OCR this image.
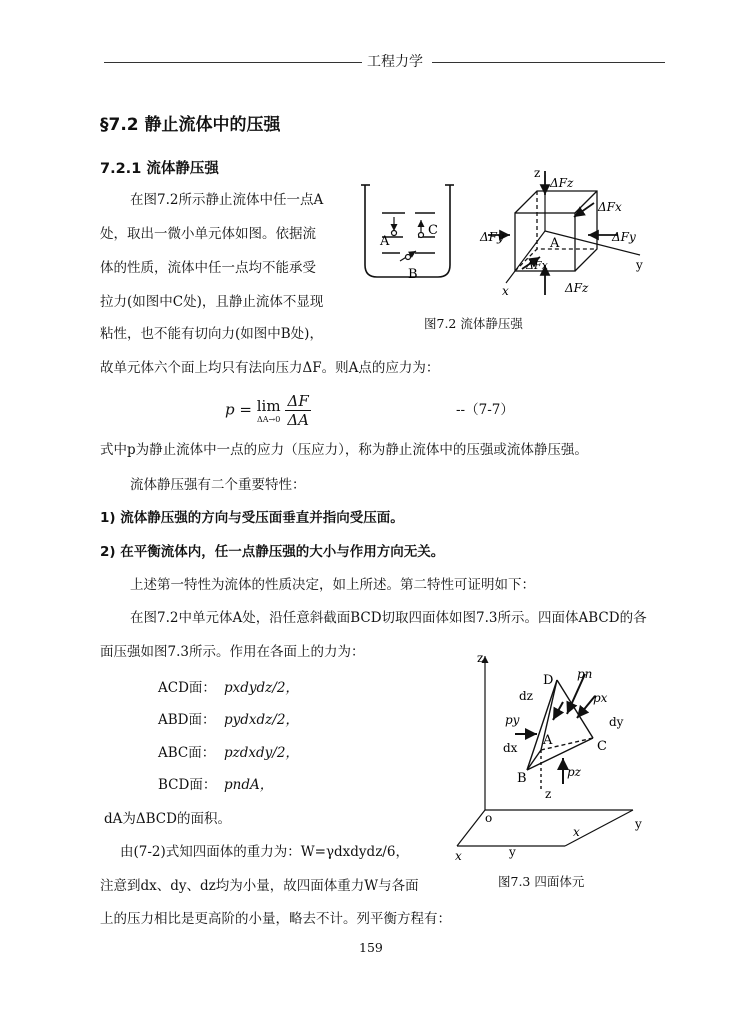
工程力学
§7.2 静止流体中的压强
7.2.1 流体静压强
在图7.2所示静止流体中任一点A
处，取出一微小单元体如图。依据流
体的性质，流体中任一点均不能承受
拉力(如图中C处)，且静止流体不显现
粘性，也不能有切向力(如图中B处)，
故单元体六个面上均只有法向压力ΔF。则A点的应力为：
A
C
B
z
y
x
ΔFz
ΔFx
ΔFy	ΔFy
ΔFz
ΔFx
A
图7.2 流体静压强
p = lim
ΔA→0
$\frac{\Delta F}{\Delta A}$	--（7-7）
式中p为静止流体中一点的应力（压应力），称为静止流体中的压强或流体静压强。
流体静压强有二个重要特性：
1) 流体静压强的方向与受压面垂直并指向受压面。
2) 在平衡流体内，任一点静压强的大小与作用方向无关。
上述第一特性为流体的性质决定，如上所述。第二特性可证明如下：
在图7.2中单元体A处，沿任意斜截面BCD切取四面体如图7.3所示。四面体ABCD的各
面压强如图7.3所示。作用在各面上的力为：
ACD面： pxdydz/2，
ABD面： pydxdz/2，
ABC面： pzdxdy/2，
BCD面： pndA，
dA为ΔBCD的面积。
由(7-2)式知四面体的重力为：W=γdxdydz/6，
注意到dx、dy、dz均为小量，故四面体重力W与各面
上的压力相比是更高阶的小量，略去不计。列平衡方程有：
z
y
x
o
D
A
B
C
pn
px
py
pz
dz
dx
dy
z
x
y
图7.3 四面体元
159
